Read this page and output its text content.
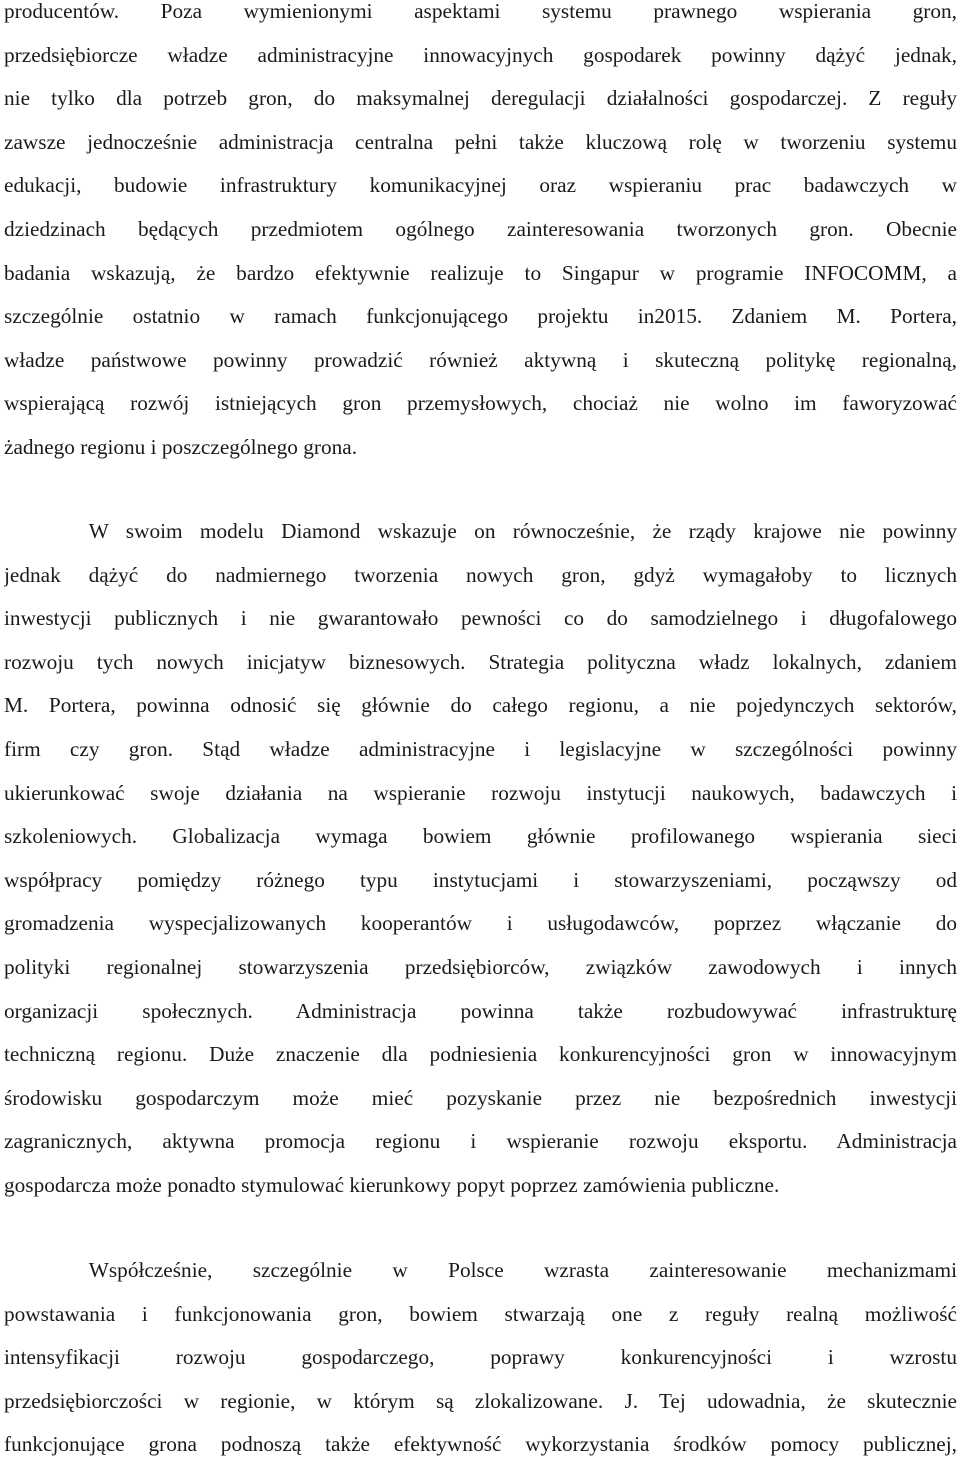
producentów. Poza wymienionymi aspektami systemu prawnego wspierania gron,
przedsiębiorcze władze administracyjne innowacyjnych gospodarek powinny dążyć jednak,
nie tylko dla potrzeb gron, do maksymalnej deregulacji działalności gospodarczej. Z reguły
zawsze jednocześnie administracja centralna pełni także kluczową rolę w tworzeniu systemu
edukacji, budowie infrastruktury komunikacyjnej oraz wspieraniu prac badawczych w
dziedzinach będących przedmiotem ogólnego zainteresowania tworzonych gron. Obecnie
badania wskazują, że bardzo efektywnie realizuje to Singapur w programie INFOCOMM, a
szczególnie ostatnio w ramach funkcjonującego projektu in2015. Zdaniem M. Portera,
władze państwowe powinny prowadzić również aktywną i skuteczną politykę regionalną,
wspierającą rozwój istniejących gron przemysłowych, chociaż nie wolno im faworyzować
żadnego regionu i poszczególnego grona.

W swoim modelu Diamond wskazuje on równocześnie, że rządy krajowe nie powinny
jednak dążyć do nadmiernego tworzenia nowych gron, gdyż wymagałoby to licznych
inwestycji publicznych i nie gwarantowało pewności co do samodzielnego i długofalowego
rozwoju tych nowych inicjatyw biznesowych. Strategia polityczna władz lokalnych, zdaniem
M. Portera, powinna odnosić się głównie do całego regionu, a nie pojedynczych sektorów,
firm czy gron. Stąd władze administracyjne i legislacyjne w szczególności powinny
ukierunkować swoje działania na wspieranie rozwoju instytucji naukowych, badawczych i
szkoleniowych. Globalizacja wymaga bowiem głównie profilowanego wspierania sieci
współpracy pomiędzy różnego typu instytucjami i stowarzyszeniami, począwszy od
gromadzenia wyspecjalizowanych kooperantów i usługodawców, poprzez włączanie do
polityki regionalnej stowarzyszenia przedsiębiorców, związków zawodowych i innych
organizacji społecznych. Administracja powinna także rozbudowywać infrastrukturę
techniczną regionu. Duże znaczenie dla podniesienia konkurencyjności gron w innowacyjnym
środowisku gospodarczym może mieć pozyskanie przez nie bezpośrednich inwestycji
zagranicznych, aktywna promocja regionu i wspieranie rozwoju eksportu. Administracja
gospodarcza może ponadto stymulować kierunkowy popyt poprzez zamówienia publiczne.

Współcześnie, szczególnie w Polsce wzrasta zainteresowanie mechanizmami
powstawania i funkcjonowania gron, bowiem stwarzają one z reguły realną możliwość
intensyfikacji rozwoju gospodarczego, poprawy konkurencyjności i wzrostu
przedsiębiorczości w regionie, w którym są zlokalizowane. J. Tej udowadnia, że skutecznie
funkcjonujące grona podnoszą także efektywność wykorzystania środków pomocy publicznej,
